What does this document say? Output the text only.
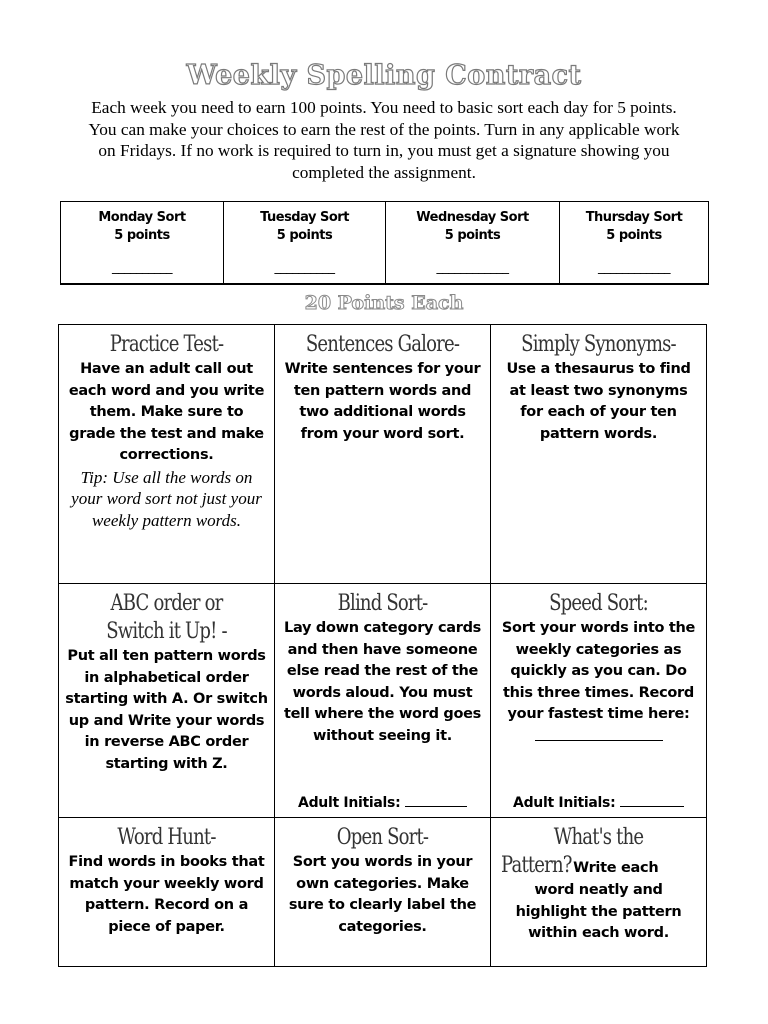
Weekly Spelling Contract
Each week you need to earn 100 points. You need to basic sort each day for 5 points. You can make your choices to earn the rest of the points. Turn in any applicable work on Fridays. If no work is required to turn in, you must get a signature showing you completed the assignment.
Monday Sort
5 points
__________
Tuesday Sort
5 points
__________
Wednesday Sort
5 points
____________
Thursday Sort
5 points
____________
20 Points Each
Practice Test-
Have an adult call out each word and you write them. Make sure to grade the test and make corrections.
Tip: Use all the words on your word sort not just your weekly pattern words.
Sentences Galore-
Write sentences for your ten pattern words and two additional words from your word sort.
Simply Synonyms-
Use a thesaurus to find at least two synonyms for each of your ten pattern words.
ABC order or
Switch it Up! -
Put all ten pattern words in alphabetical order starting with A. Or switch up and Write your words in reverse ABC order starting with Z.
Blind Sort-
Lay down category cards and then have someone else read the rest of the words aloud. You must tell where the word goes without seeing it.
Adult Initials:
Speed Sort:
Sort your words into the weekly categories as quickly as you can. Do this three times. Record your fastest time here:
Adult Initials:
Word Hunt-
Find words in books that match your weekly word pattern. Record on a piece of paper.
Open Sort-
Sort you words in your own categories. Make sure to clearly label the categories.
What's the
Pattern? Write each
word neatly and highlight the pattern within each word.
